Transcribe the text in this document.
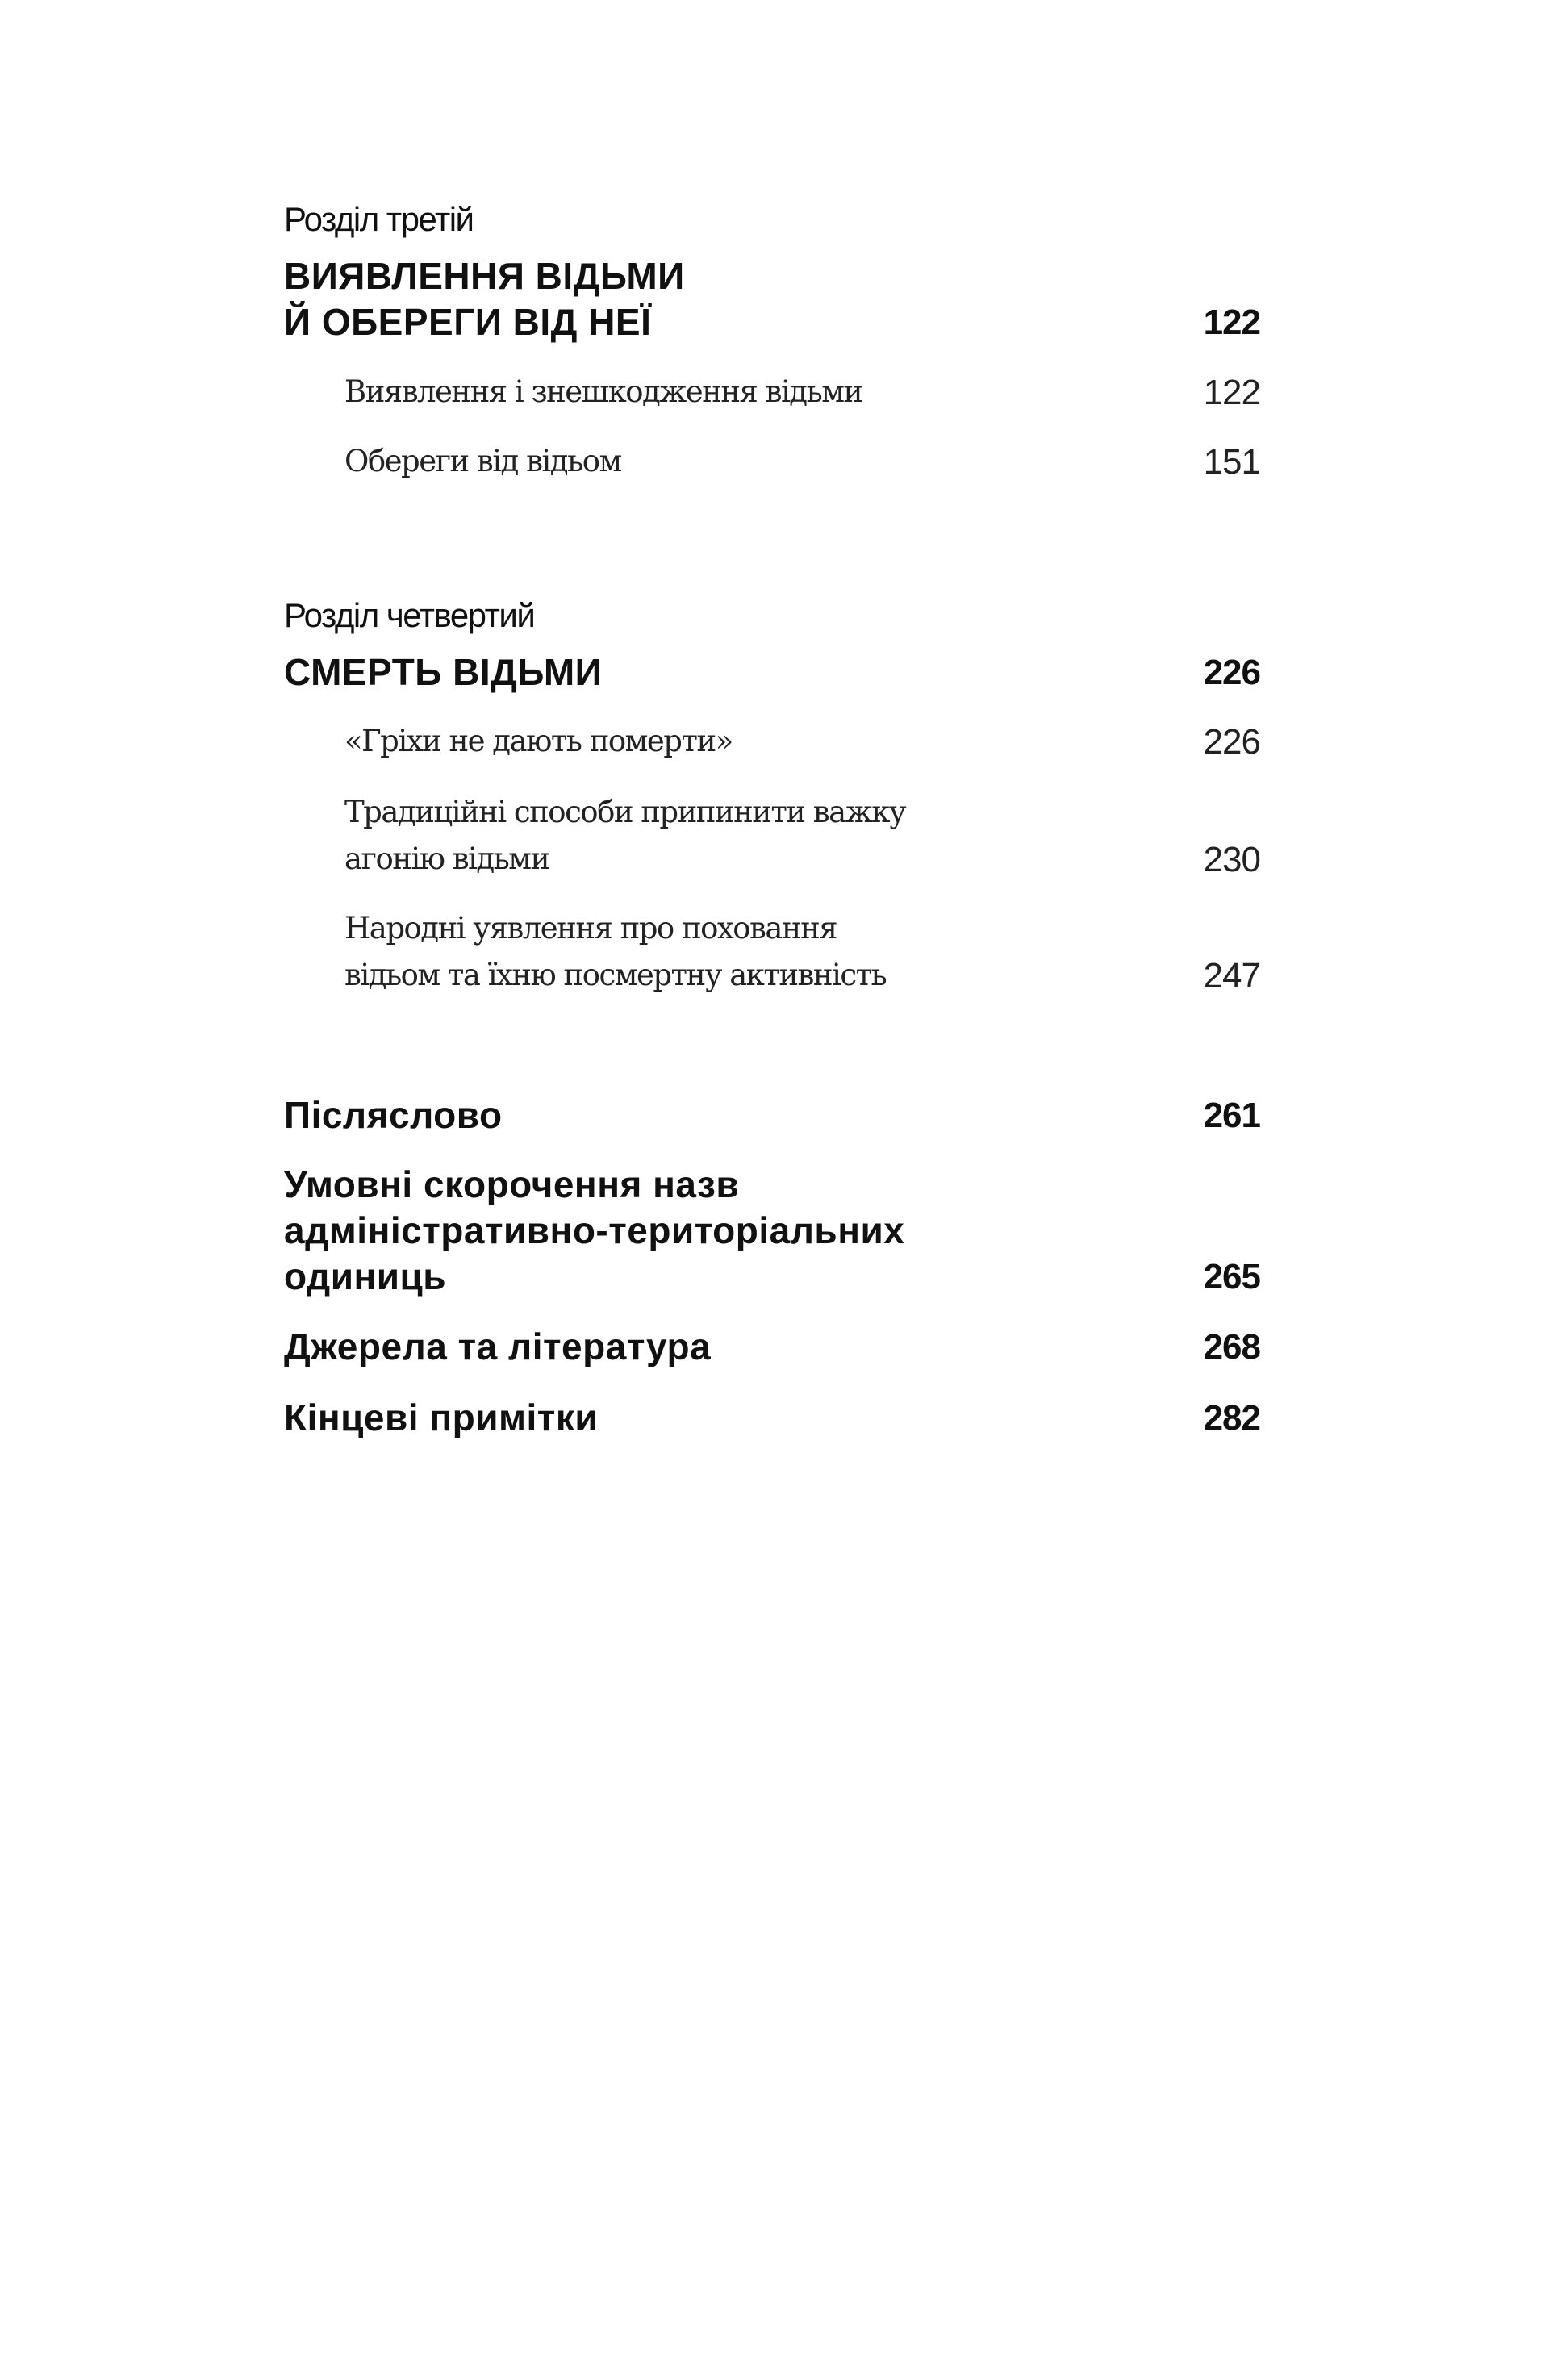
Розділ третій
ВИЯВЛЕННЯ ВІДЬМИ
Й ОБЕРЕГИ ВІД НЕЇ	122
Виявлення і знешкодження відьми	122
Обереги від відьом	151
Розділ четвертий
СМЕРТЬ ВІДЬМИ	226
«Гріхи не дають померти»	226
Традиційні способи припинити важку
агонію відьми	230
Народні уявлення про поховання
відьом та їхню посмертну активність	247
Післяслово	261
Умовні скорочення назв
адміністративно-територіальних
одиниць	265
Джерела та література	268
Кінцеві примітки	282
